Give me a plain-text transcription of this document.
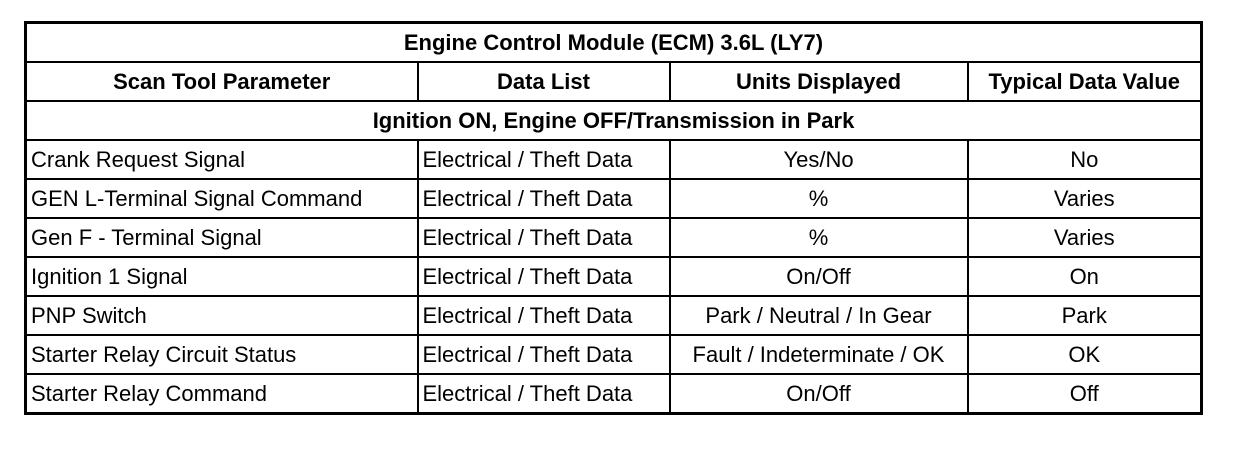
Engine Control Module (ECM) 3.6L (LY7)			
Scan Tool Parameter	Data List	Units Displayed	Typical Data Value
Ignition ON, Engine OFF/Transmission in Park			
Crank Request Signal	Electrical / Theft Data	Yes/No	No
GEN L-Terminal Signal Command	Electrical / Theft Data	%	Varies
Gen F - Terminal Signal	Electrical / Theft Data	%	Varies
Ignition 1 Signal	Electrical / Theft Data	On/Off	On
PNP Switch	Electrical / Theft Data	Park / Neutral / In Gear	Park
Starter Relay Circuit Status	Electrical / Theft Data	Fault / Indeterminate / OK	OK
Starter Relay Command	Electrical / Theft Data	On/Off	Off
